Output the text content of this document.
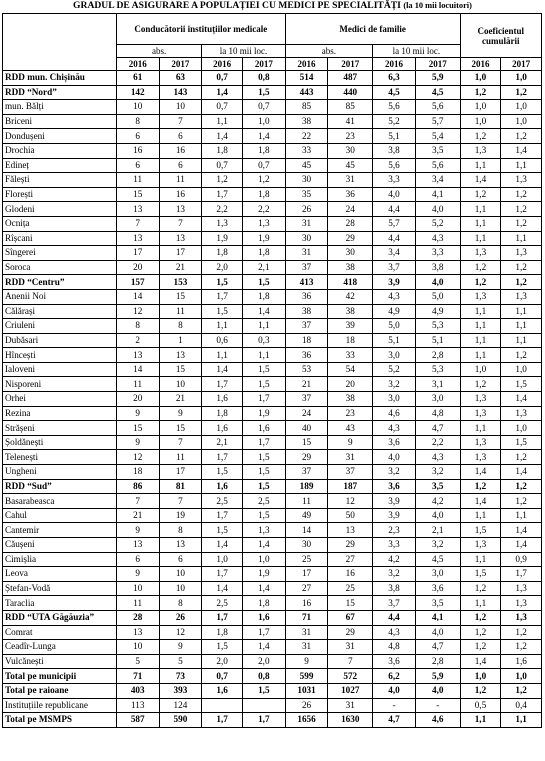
GRADUL DE ASIGURARE A POPULAȚIEI CU MEDICI PE SPECIALITĂȚI (la 10 mii locuitori)
	Conducătorii instituțiilor medicale				Medici de familie				Coeficientul cumulării	
	abs.		la 10 mii loc.		abs.		la 10 mii loc.			
	2016	2017	2016	2017	2016	2017	2016	2017	2016	2017
RDD mun. Chișinău	61	63	0,7	0,8	514	487	6,3	5,9	1,0	1,0
RDD “Nord”	142	143	1,4	1,5	443	440	4,5	4,5	1,2	1,2
mun. Bălți	10	10	0,7	0,7	85	85	5,6	5,6	1,0	1,0
Briceni	8	7	1,1	1,0	38	41	5,2	5,7	1,0	1,0
Dondușeni	6	6	1,4	1,4	22	23	5,1	5,4	1,2	1,2
Drochia	16	16	1,8	1,8	33	30	3,8	3,5	1,3	1,4
Edineț	6	6	0,7	0,7	45	45	5,6	5,6	1,1	1,1
Fălești	11	11	1,2	1,2	30	31	3,3	3,4	1,4	1,3
Florești	15	16	1,7	1,8	35	36	4,0	4,1	1,2	1,2
Glodeni	13	13	2,2	2,2	26	24	4,4	4,0	1,1	1,2
Ocnița	7	7	1,3	1,3	31	28	5,7	5,2	1,1	1,2
Rîșcani	13	13	1,9	1,9	30	29	4,4	4,3	1,1	1,1
Sîngerei	17	17	1,8	1,8	31	30	3,4	3,3	1,3	1,3
Soroca	20	21	2,0	2,1	37	38	3,7	3,8	1,2	1,2
RDD “Centru”	157	153	1,5	1,5	413	418	3,9	4,0	1,2	1,2
Anenii Noi	14	15	1,7	1,8	36	42	4,3	5,0	1,3	1,3
Călărași	12	11	1,5	1,4	38	38	4,9	4,9	1,1	1,1
Criuleni	8	8	1,1	1,1	37	39	5,0	5,3	1,1	1,1
Dubăsari	2	1	0,6	0,3	18	18	5,1	5,1	1,1	1,1
Hîncești	13	13	1,1	1,1	36	33	3,0	2,8	1,1	1,2
Ialoveni	14	15	1,4	1,5	53	54	5,2	5,3	1,0	1,0
Nisporeni	11	10	1,7	1,5	21	20	3,2	3,1	1,2	1,5
Orhei	20	21	1,6	1,7	37	38	3,0	3,0	1,3	1,4
Rezina	9	9	1,8	1,9	24	23	4,6	4,8	1,3	1,3
Strășeni	15	15	1,6	1,6	40	43	4,3	4,7	1,1	1,0
Șoldănești	9	7	2,1	1,7	15	9	3,6	2,2	1,3	1,5
Telenești	12	11	1,7	1,5	29	31	4,0	4,3	1,3	1,2
Ungheni	18	17	1,5	1,5	37	37	3,2	3,2	1,4	1,4
RDD “Sud”	86	81	1,6	1,5	189	187	3,6	3,5	1,2	1,2
Basarabeasca	7	7	2,5	2,5	11	12	3,9	4,2	1,4	1,2
Cahul	21	19	1,7	1,5	49	50	3,9	4,0	1,1	1,1
Cantemir	9	8	1,5	1,3	14	13	2,3	2,1	1,5	1,4
Căușeni	13	13	1,4	1,4	30	29	3,3	3,2	1,3	1,4
Cimișlia	6	6	1,0	1,0	25	27	4,2	4,5	1,1	0,9
Leova	9	10	1,7	1,9	17	16	3,2	3,0	1,5	1,7
Ștefan-Vodă	10	10	1,4	1,4	27	25	3,8	3,6	1,2	1,3
Taraclia	11	8	2,5	1,8	16	15	3,7	3,5	1,1	1,3
RDD “UTA Găgăuzia”	28	26	1,7	1,6	71	67	4,4	4,1	1,2	1,3
Comrat	13	12	1,8	1,7	31	29	4,3	4,0	1,2	1,2
Ceadîr-Lunga	10	9	1,5	1,4	31	31	4,8	4,7	1,2	1,2
Vulcănești	5	5	2,0	2,0	9	7	3,6	2,8	1,4	1,6
Total pe municipii	71	73	0,7	0,8	599	572	6,2	5,9	1,0	1,0
Total pe raioane	403	393	1,6	1,5	1031	1027	4,0	4,0	1,2	1,2
Instituțiile republicane	113	124			26	31	-	-	0,5	0,4
Total pe MSMPS	587	590	1,7	1,7	1656	1630	4,7	4,6	1,1	1,1
